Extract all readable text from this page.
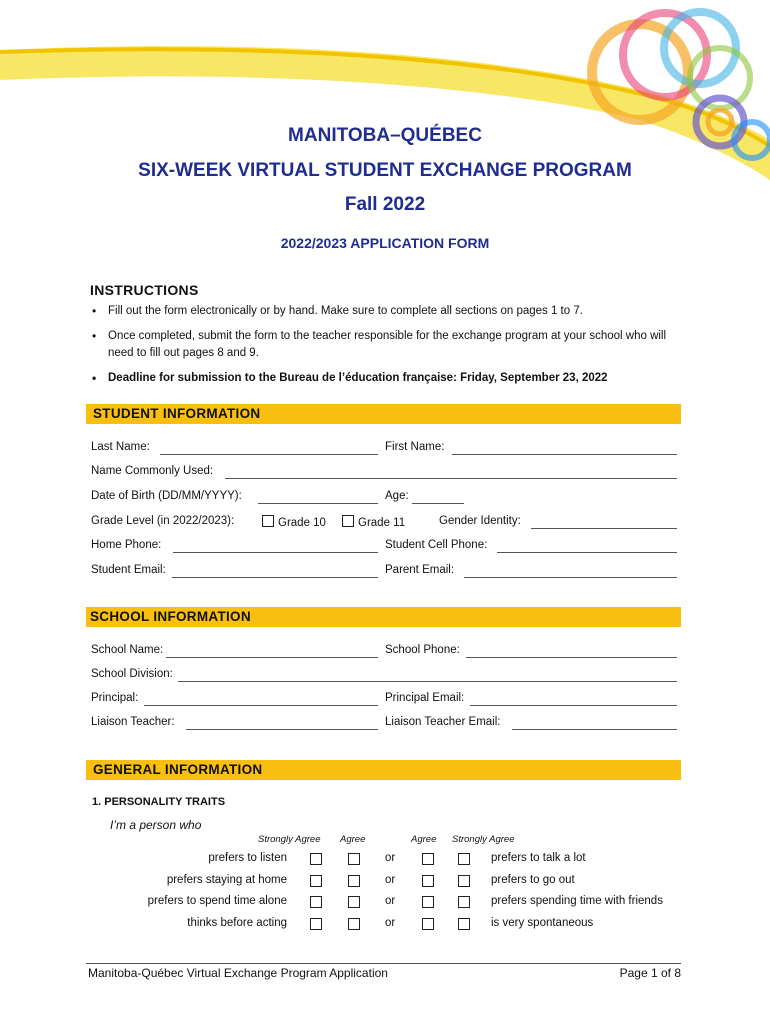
MANITOBA–QUÉBEC
SIX-WEEK VIRTUAL STUDENT EXCHANGE PROGRAM
Fall 2022
2022/2023 APPLICATION FORM
INSTRUCTIONS
• Fill out the form electronically or by hand. Make sure to complete all sections on pages 1 to 7.
• Once completed, submit the form to the teacher responsible for the exchange program at your school who will need to fill out pages 8 and 9.
• Deadline for submission to the Bureau de l’éducation française: Friday, September 23, 2022
STUDENT INFORMATION
Last Name:	First Name:
Name Commonly Used:
Date of Birth (DD/MM/YYYY):	Age:
Grade Level (in 2022/2023):	Grade 10	Grade 11	Gender Identity:
Home Phone:	Student Cell Phone:
Student Email:	Parent Email:
SCHOOL INFORMATION
School Name:	School Phone:
School Division:
Principal:	Principal Email:
Liaison Teacher:	Liaison Teacher Email:
GENERAL INFORMATION
1. PERSONALITY TRAITS
I’m a person who
Strongly Agree Agree	Agree Strongly Agree
prefers to listen	or	prefers to talk a lot
prefers staying at home	or	prefers to go out
prefers to spend time alone	or	prefers spending time with friends
thinks before acting	or	is very spontaneous
Manitoba-Québec Virtual Exchange Program Application	Page 1 of 8
